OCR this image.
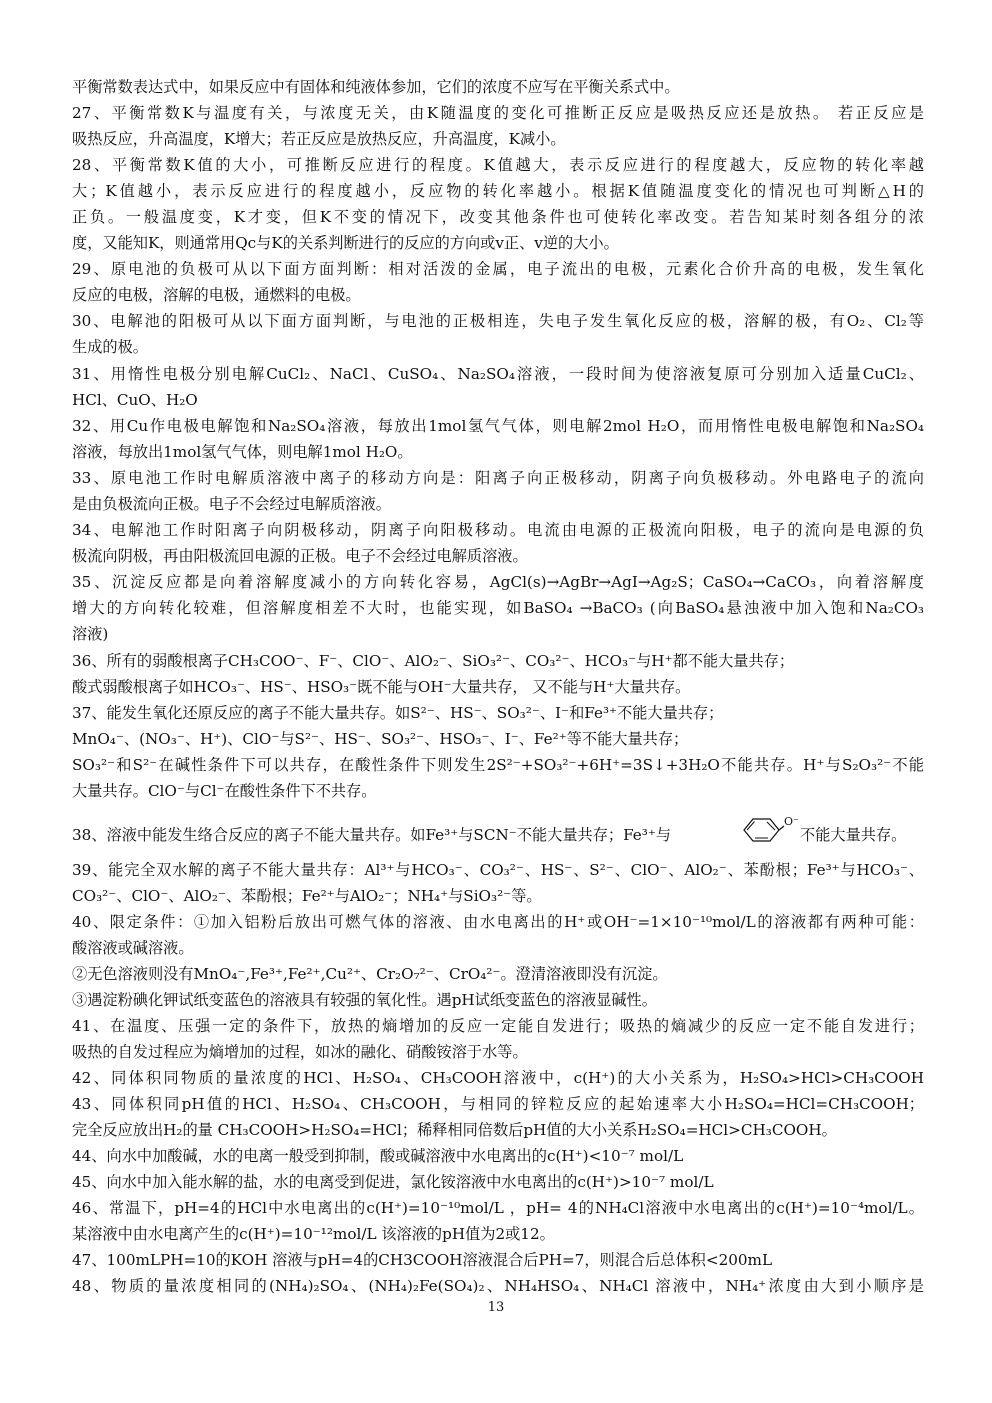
平衡常数表达式中，如果反应中有固体和纯液体参加，它们的浓度不应写在平衡关系式中。
27、平衡常数K与温度有关，与浓度无关，由K随温度的变化可推断正反应是吸热反应还是放热。 若正反应是
吸热反应，升高温度，K增大；若正反应是放热反应，升高温度，K减小。
28、平衡常数K值的大小，可推断反应进行的程度。K值越大，表示反应进行的程度越大，反应物的转化率越
大；K值越小，表示反应进行的程度越小，反应物的转化率越小。根据K值随温度变化的情况也可判断△H的
正负。一般温度变，K才变，但K不变的情况下，改变其他条件也可使转化率改变。若告知某时刻各组分的浓
度，又能知K，则通常用Qc与K的关系判断进行的反应的方向或v正、v逆的大小。
29、原电池的负极可从以下面方面判断：相对活泼的金属，电子流出的电极，元素化合价升高的电极，发生氧化
反应的电极，溶解的电极，通燃料的电极。
30、电解池的阳极可从以下面方面判断，与电池的正极相连，失电子发生氧化反应的极，溶解的极，有O₂、Cl₂等
生成的极。
31、用惰性电极分别电解CuCl₂、NaCl、CuSO₄、Na₂SO₄溶液，一段时间为使溶液复原可分别加入适量CuCl₂、
HCl、CuO、H₂O
32、用Cu作电极电解饱和Na₂SO₄溶液，每放出1mol氢气气体，则电解2mol H₂O，而用惰性电极电解饱和Na₂SO₄
溶液，每放出1mol氢气气体，则电解1mol H₂O。
33、原电池工作时电解质溶液中离子的移动方向是：阳离子向正极移动，阴离子向负极移动。外电路电子的流向
是由负极流向正极。电子不会经过电解质溶液。
34、电解池工作时阳离子向阴极移动，阴离子向阳极移动。电流由电源的正极流向阳极，电子的流向是电源的负
极流向阴极，再由阳极流回电源的正极。电子不会经过电解质溶液。
35、沉淀反应都是向着溶解度减小的方向转化容易，AgCl(s)→AgBr→AgI→Ag₂S；CaSO₄→CaCO₃，向着溶解度
增大的方向转化较难，但溶解度相差不大时，也能实现，如BaSO₄ →BaCO₃ (向BaSO₄悬浊液中加入饱和Na₂CO₃
溶液)
36、所有的弱酸根离子CH₃COO⁻、F⁻、ClO⁻、AlO₂⁻、SiO₃²⁻、CO₃²⁻、HCO₃⁻与H⁺都不能大量共存；
酸式弱酸根离子如HCO₃⁻、HS⁻、HSO₃⁻既不能与OH⁻大量共存， 又不能与H⁺大量共存。
37、能发生氧化还原反应的离子不能大量共存。如S²⁻、HS⁻、SO₃²⁻、I⁻和Fe³⁺不能大量共存；
MnO₄⁻、(NO₃⁻、H⁺)、ClO⁻与S²⁻、HS⁻、SO₃²⁻、HSO₃⁻、I⁻、Fe²⁺等不能大量共存；
SO₃²⁻和S²⁻在碱性条件下可以共存，在酸性条件下则发生2S²⁻+SO₃²⁻+6H⁺=3S↓+3H₂O不能共存。H⁺与S₂O₃²⁻不能
大量共存。ClO⁻与Cl⁻在酸性条件下不共存。
38、溶液中能发生络合反应的离子不能大量共存。如Fe³⁺与SCN⁻不能大量共存；Fe³⁺与
O⁻
不能大量共存。
39、能完全双水解的离子不能大量共存：Al³⁺与HCO₃⁻、CO₃²⁻、HS⁻、S²⁻、ClO⁻、AlO₂⁻、苯酚根；Fe³⁺与HCO₃⁻、
CO₃²⁻、ClO⁻、AlO₂⁻、苯酚根；Fe²⁺与AlO₂⁻；NH₄⁺与SiO₃²⁻等。
40、限定条件：①加入铝粉后放出可燃气体的溶液、由水电离出的H⁺或OH⁻=1×10⁻¹⁰mol/L的溶液都有两种可能：
酸溶液或碱溶液。
②无色溶液则没有MnO₄⁻,Fe³⁺,Fe²⁺,Cu²⁺、Cr₂O₇²⁻、CrO₄²⁻。澄清溶液即没有沉淀。
③遇淀粉碘化钾试纸变蓝色的溶液具有较强的氧化性。遇pH试纸变蓝色的溶液显碱性。
41、在温度、压强一定的条件下，放热的熵增加的反应一定能自发进行；吸热的熵减少的反应一定不能自发进行；
吸热的自发过程应为熵增加的过程，如冰的融化、硝酸铵溶于水等。
42、同体积同物质的量浓度的HCl、H₂SO₄、CH₃COOH溶液中，c(H⁺)的大小关系为，H₂SO₄>HCl>CH₃COOH
43、同体积同pH值的HCl、H₂SO₄、CH₃COOH，与相同的锌粒反应的起始速率大小H₂SO₄=HCl=CH₃COOH；
完全反应放出H₂的量 CH₃COOH>H₂SO₄=HCl；稀释相同倍数后pH值的大小关系H₂SO₄=HCl>CH₃COOH。
44、向水中加酸碱，水的电离一般受到抑制，酸或碱溶液中水电离出的c(H⁺)<10⁻⁷ mol/L
45、向水中加入能水解的盐，水的电离受到促进，氯化铵溶液中水电离出的c(H⁺)>10⁻⁷ mol/L
46、常温下，pH=4的HCl中水电离出的c(H⁺)=10⁻¹⁰mol/L ，pH= 4的NH₄Cl溶液中水电离出的c(H⁺)=10⁻⁴mol/L。
某溶液中由水电离产生的c(H⁺)=10⁻¹²mol/L 该溶液的pH值为2或12。
47、100mLPH=10的KOH 溶液与pH=4的CH3COOH溶液混合后PH=7，则混合后总体积<200mL
48、物质的量浓度相同的(NH₄)₂SO₄、(NH₄)₂Fe(SO₄)₂、NH₄HSO₄、NH₄Cl 溶液中，NH₄⁺浓度由大到小顺序是
13
